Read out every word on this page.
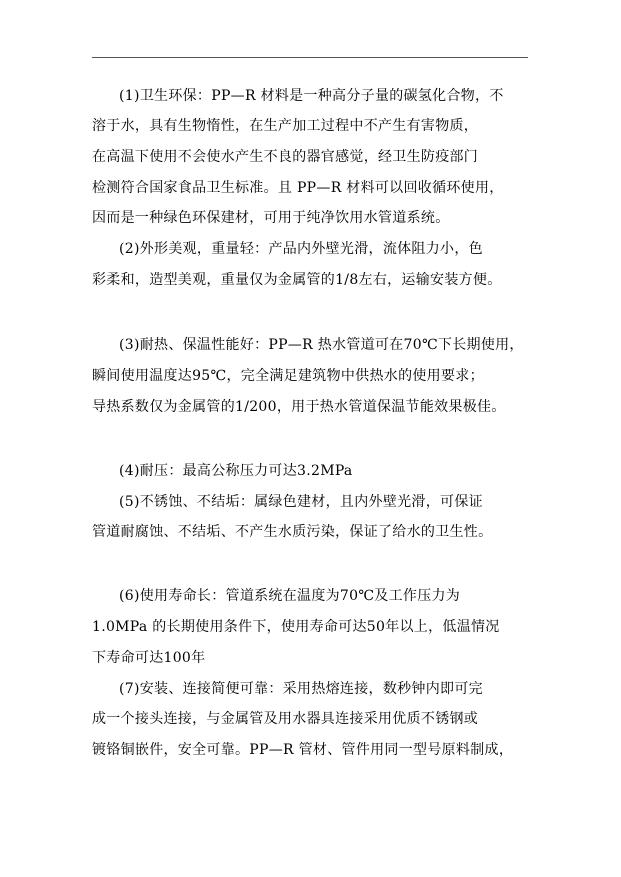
(1)卫生环保：PP—R 材料是一种高分子量的碳氢化合物，不
溶于水，具有生物惰性，在生产加工过程中不产生有害物质，
在高温下使用不会使水产生不良的器官感觉，经卫生防疫部门
检测符合国家食品卫生标准。且 PP—R 材料可以回收循环使用，
因而是一种绿色环保建材，可用于纯净饮用水管道系统。
(2)外形美观，重量轻：产品内外壁光滑，流体阻力小，色
彩柔和，造型美观，重量仅为金属管的1/8左右，运输安装方便。
(3)耐热、保温性能好：PP—R 热水管道可在70℃下长期使用，
瞬间使用温度达95℃，完全满足建筑物中供热水的使用要求；
导热系数仅为金属管的1/200，用于热水管道保温节能效果极佳。
(4)耐压：最高公称压力可达3.2MPa
(5)不锈蚀、不结垢：属绿色建材，且内外壁光滑，可保证
管道耐腐蚀、不结垢、不产生水质污染，保证了给水的卫生性。
(6)使用寿命长：管道系统在温度为70℃及工作压力为
1.0MPa 的长期使用条件下，使用寿命可达50年以上，低温情况
下寿命可达100年
(7)安装、连接简便可靠：采用热熔连接，数秒钟内即可完
成一个接头连接，与金属管及用水器具连接采用优质不锈钢或
镀铬铜嵌件，安全可靠。PP—R 管材、管件用同一型号原料制成，
